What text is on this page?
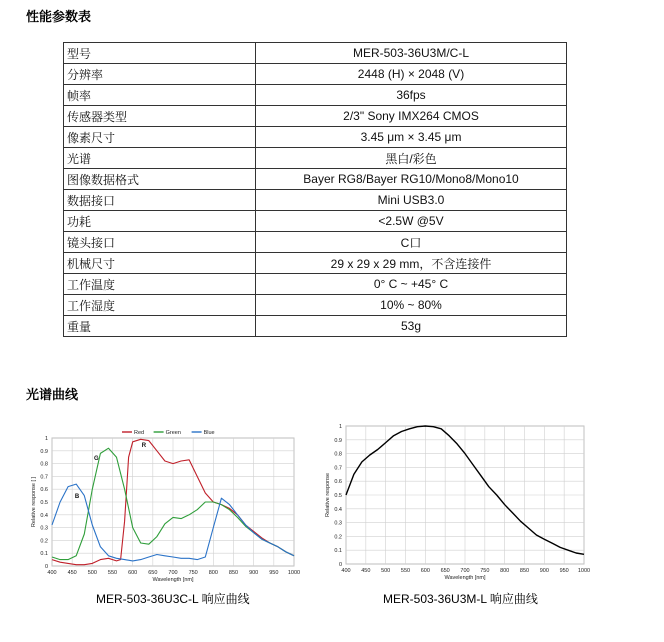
性能参数表
型号	MER-503-36U3M/C-L
分辨率	2448 (H) × 2048 (V)
帧率	36fps
传感器类型	2/3" Sony IMX264 CMOS
像素尺寸	3.45 μm × 3.45 μm
光谱	黑白/彩色
图像数据格式	Bayer RG8/Bayer RG10/Mono8/Mono10
数据接口	Mini USB3.0
功耗	<2.5W @5V
镜头接口	C口
机械尺寸	29 x 29 x 29 mm，不含连接件
工作温度	0° C ~ +45° C
工作湿度	10% ~ 80%
重量	53g
光谱曲线
0
0.1
0.2
0.3
0.4
0.5
0.6
0.7
0.8
0.9
1
400 450 500 550 600 650 700 750 800 850 900 950 1000
Wavelength [nm]
Relative response [ ]
Red	Green	Blue
R
G
B
0
0.1
0.2
0.3
0.4
0.5
0.6
0.7
0.8
0.9
1
400 450 500 550 600 650 700 750 800 850 900 950 1000
Wavelength [nm]
Relative response
MER-503-36U3C-L 响应曲线	MER-503-36U3M-L 响应曲线
